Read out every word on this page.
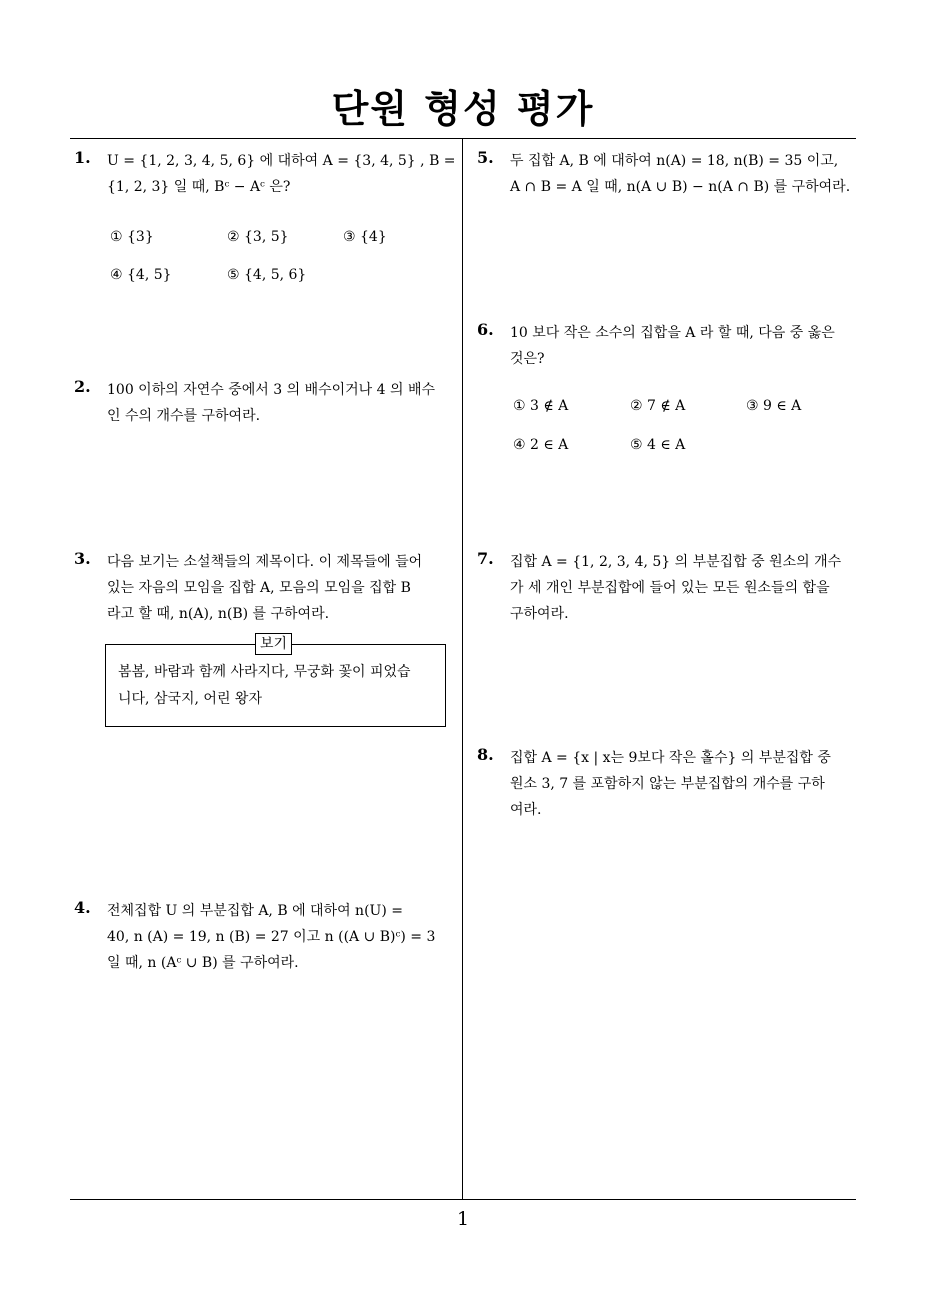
단원 형성 평가
1
1. U = {1, 2, 3, 4, 5, 6} 에 대하여 A = {3, 4, 5} , B =
{1, 2, 3} 일 때, Bᶜ − Aᶜ 은?
① {3}	② {3, 5}	③ {4}
④ {4, 5}	⑤ {4, 5, 6}
2. 100 이하의 자연수 중에서 3 의 배수이거나 4 의 배수
인 수의 개수를 구하여라.
3. 다음 보기는 소설책들의 제목이다. 이 제목들에 들어
있는 자음의 모임을 집합 A, 모음의 모임을 집합 B
라고 할 때, n(A), n(B) 를 구하여라.
보기
봄봄, 바람과 함께 사라지다, 무궁화 꽃이 피었습
니다, 삼국지, 어린 왕자
4. 전체집합 U 의 부분집합 A, B 에 대하여 n(U) =
40, n (A) = 19, n (B) = 27 이고 n ((A ∪ B)ᶜ) = 3
일 때, n (Aᶜ ∪ B) 를 구하여라.
5. 두 집합 A, B 에 대하여 n(A) = 18, n(B) = 35 이고,
A ∩ B = A 일 때, n(A ∪ B) − n(A ∩ B) 를 구하여라.
6. 10 보다 작은 소수의 집합을 A 라 할 때, 다음 중 옳은
것은?
① 3 ∉ A	② 7 ∉ A	③ 9 ∈ A
④ 2 ∈ A	⑤ 4 ∈ A
7. 집합 A = {1, 2, 3, 4, 5} 의 부분집합 중 원소의 개수
가 세 개인 부분집합에 들어 있는 모든 원소들의 합을
구하여라.
8. 집합 A = {x | x는 9보다 작은 홀수} 의 부분집합 중
원소 3, 7 를 포함하지 않는 부분집합의 개수를 구하
여라.
